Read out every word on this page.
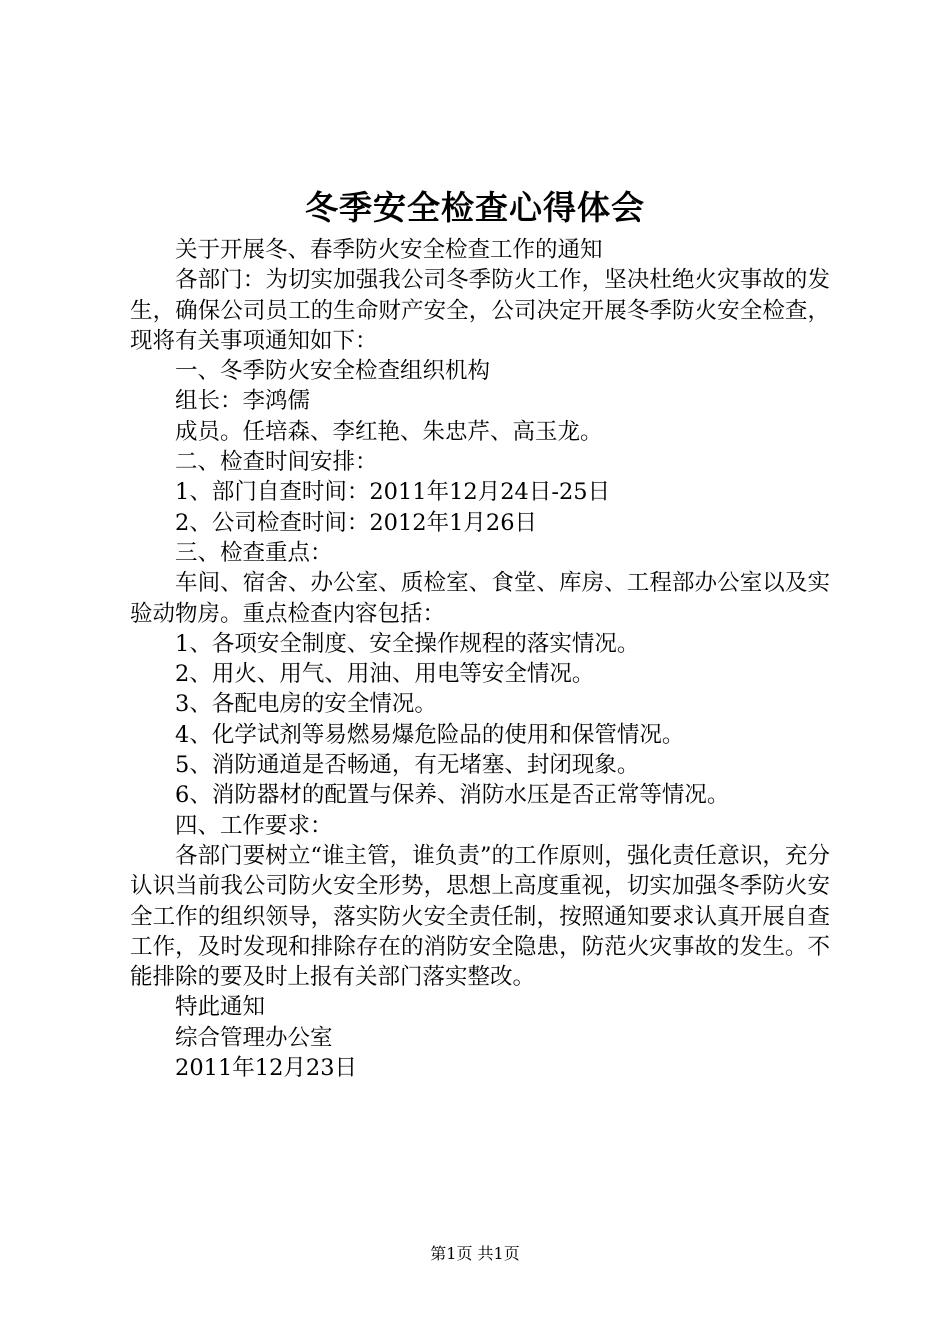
冬季安全检查心得体会

关于开展冬、春季防火安全检查工作的通知

各部门：为切实加强我公司冬季防火工作，坚决杜绝火灾事故的发生，确保公司员工的生命财产安全，公司决定开展冬季防火安全检查，现将有关事项通知如下：

一、冬季防火安全检查组织机构

组长：李鸿儒

成员。任培森、李红艳、朱忠芹、高玉龙。

二、检查时间安排：

1、部门自查时间：2011年12月24日-25日

2、公司检查时间：2012年1月26日

三、检查重点：

车间、宿舍、办公室、质检室、食堂、库房、工程部办公室以及实验动物房。重点检查内容包括：

1、各项安全制度、安全操作规程的落实情况。

2、用火、用气、用油、用电等安全情况。

3、各配电房的安全情况。

4、化学试剂等易燃易爆危险品的使用和保管情况。

5、消防通道是否畅通，有无堵塞、封闭现象。

6、消防器材的配置与保养、消防水压是否正常等情况。

四、工作要求：

各部门要树立“谁主管，谁负责”的工作原则，强化责任意识，充分认识当前我公司防火安全形势，思想上高度重视，切实加强冬季防火安全工作的组织领导，落实防火安全责任制，按照通知要求认真开展自查工作，及时发现和排除存在的消防安全隐患，防范火灾事故的发生。不能排除的要及时上报有关部门落实整改。

特此通知

综合管理办公室

2011年12月23日

第1页 共1页
